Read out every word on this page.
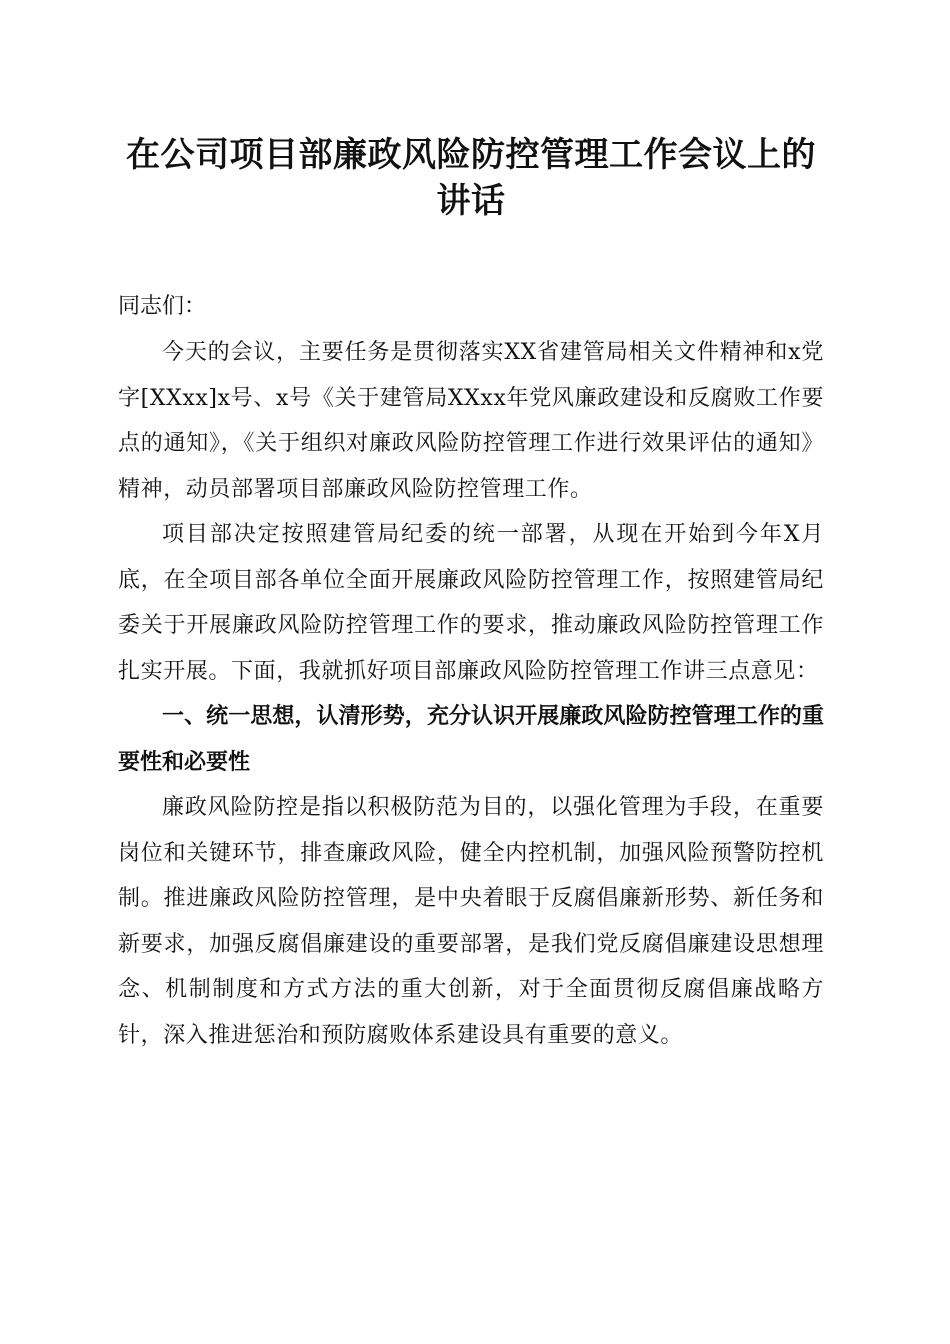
在公司项目部廉政风险防控管理工作会议上的
讲话

同志们：

今天的会议，主要任务是贯彻落实XX省建管局相关文件精神和x党字[XXxx]x号、x号《关于建管局XXxx年党风廉政建设和反腐败工作要点的通知》，《关于组织对廉政风险防控管理工作进行效果评估的通知》精神，动员部署项目部廉政风险防控管理工作。

项目部决定按照建管局纪委的统一部署，从现在开始到今年X月底，在全项目部各单位全面开展廉政风险防控管理工作，按照建管局纪委关于开展廉政风险防控管理工作的要求，推动廉政风险防控管理工作扎实开展。下面，我就抓好项目部廉政风险防控管理工作讲三点意见：

一、统一思想，认清形势，充分认识开展廉政风险防控管理工作的重要性和必要性

廉政风险防控是指以积极防范为目的，以强化管理为手段，在重要岗位和关键环节，排查廉政风险，健全内控机制，加强风险预警防控机制。推进廉政风险防控管理，是中央着眼于反腐倡廉新形势、新任务和新要求，加强反腐倡廉建设的重要部署，是我们党反腐倡廉建设思想理念、机制制度和方式方法的重大创新，对于全面贯彻反腐倡廉战略方针，深入推进惩治和预防腐败体系建设具有重要的意义。
